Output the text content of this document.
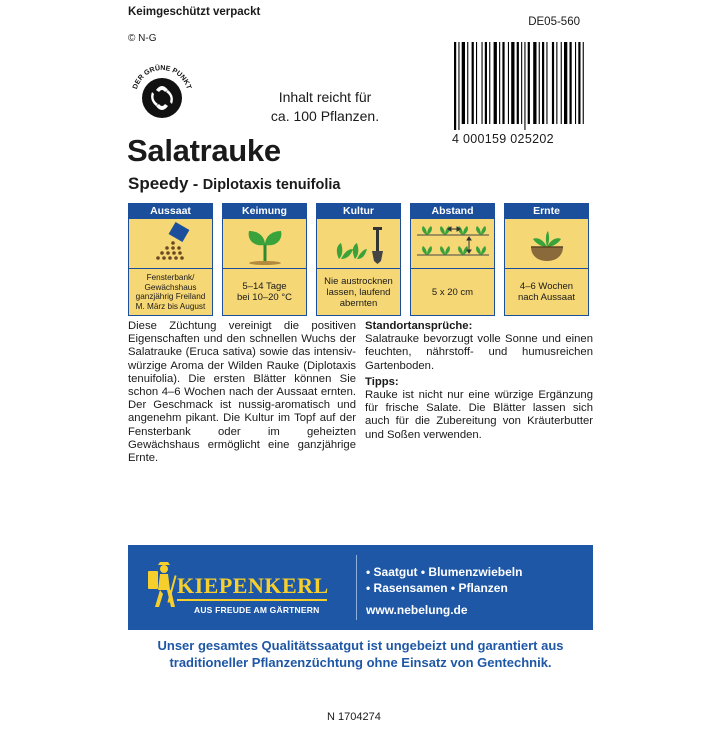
Keimgeschützt verpackt
DE05-560
© N-G
DER GRÜNE PUNKT
Inhalt reicht für
ca. 100 Pflanzen.
4 000159 025202
Salatrauke
Speedy - Diplotaxis tenuifolia
Aussaat
Fensterbank/
Gewächshaus
ganzjährig Freiland
M. März bis August
Keimung
5–14 Tage
bei 10–20 °C
Kultur
Nie austrocknen
lassen, laufend
abernten
Abstand
5 x 20 cm
Ernte
4–6 Wochen
nach Aussaat
Diese Züchtung vereinigt die positiven Eigenschaften und den schnellen Wuchs der Salatrauke (Eruca sativa) sowie das intensiv-würzige Aroma der Wilden Rauke (Diplotaxis tenuifolia). Die ersten Blätter können Sie schon 4–6 Wochen nach der Aussaat ernten. Der Geschmack ist nussig-aromatisch und angenehm pikant. Die Kultur im Topf auf der Fensterbank oder im geheizten Gewächshaus ermöglicht eine ganzjährige Ernte.
Standortansprüche:
Salatrauke bevorzugt volle Sonne und einen feuchten, nährstoff- und humusreichen Gartenboden.
Tipps:
Rauke ist nicht nur eine würzige Ergänzung für frische Salate. Die Blätter lassen sich auch für die Zubereitung von Kräuterbutter und Soßen verwenden.
KIEPENKERL
AUS FREUDE AM GÄRTNERN
• Saatgut • Blumenzwiebeln
• Rasensamen • Pflanzen
www.nebelung.de
Unser gesamtes Qualitätssaatgut ist ungebeizt und garantiert aus
traditioneller Pflanzenzüchtung ohne Einsatz von Gentechnik.
N 1704274
